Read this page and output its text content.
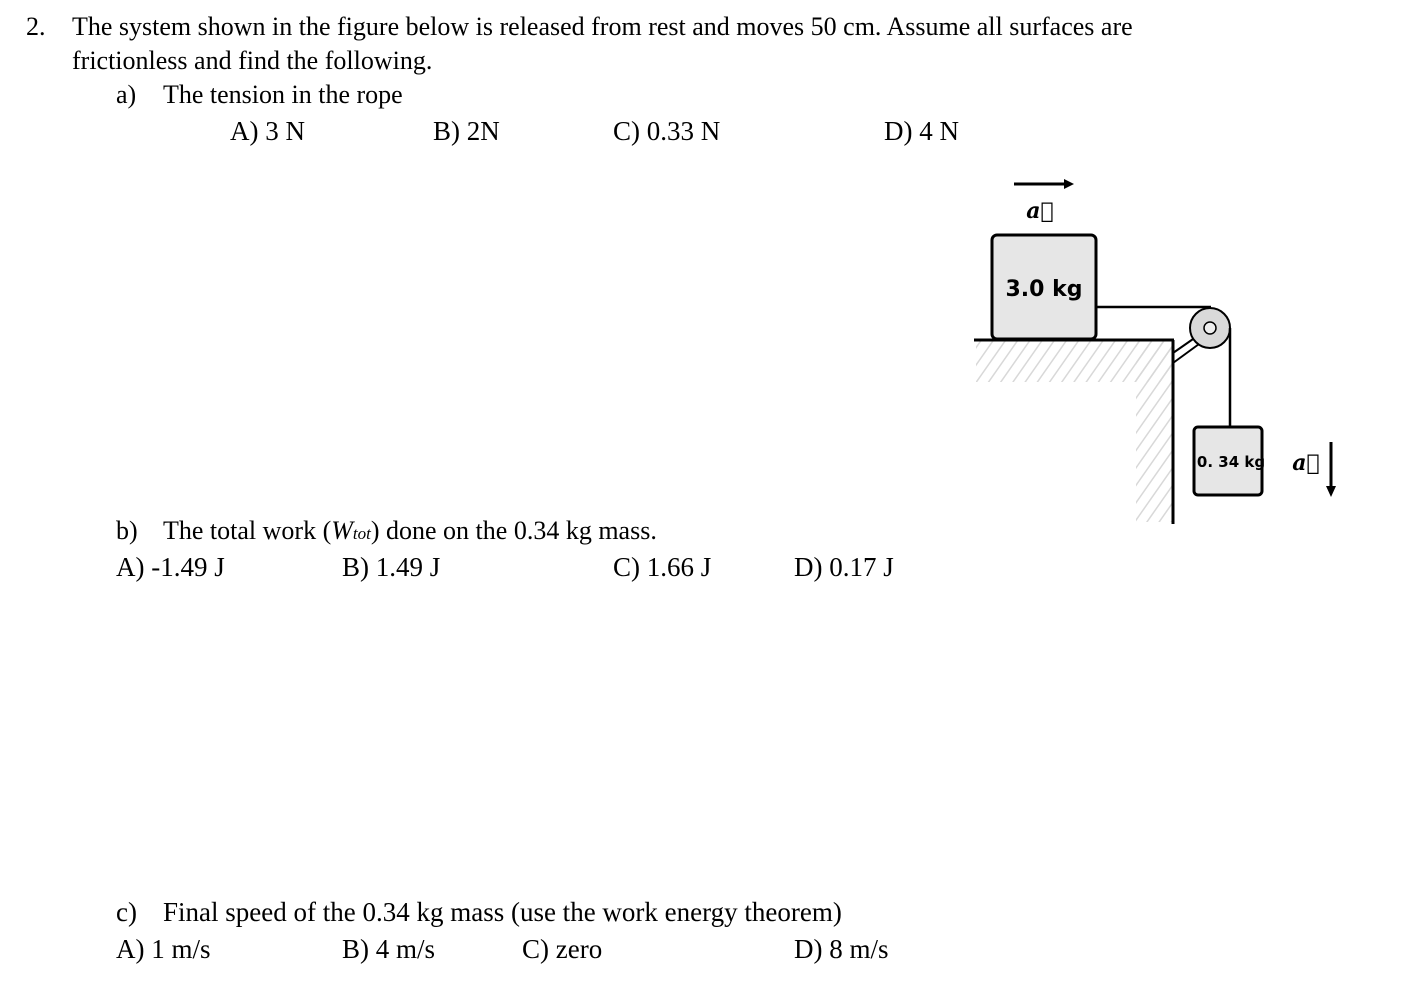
2. The system shown in the figure below is released from rest and moves 50 cm. Assume all surfaces are
frictionless and find the following.
a) The tension in the rope
A) 3 N	B) 2N	C) 0.33 N	D) 4 N
b) The total work (Wtot) done on the 0.34 kg mass.
A) -1.49 J	B) 1.49 J	C) 1.66 J	D) 0.17 J
c) Final speed of the 0.34 kg mass (use the work energy theorem)
A) 1 m/s	B) 4 m/s	C) zero	D) 8 m/s
3.0 kg
0. 34 kg
a⃗
a⃗
